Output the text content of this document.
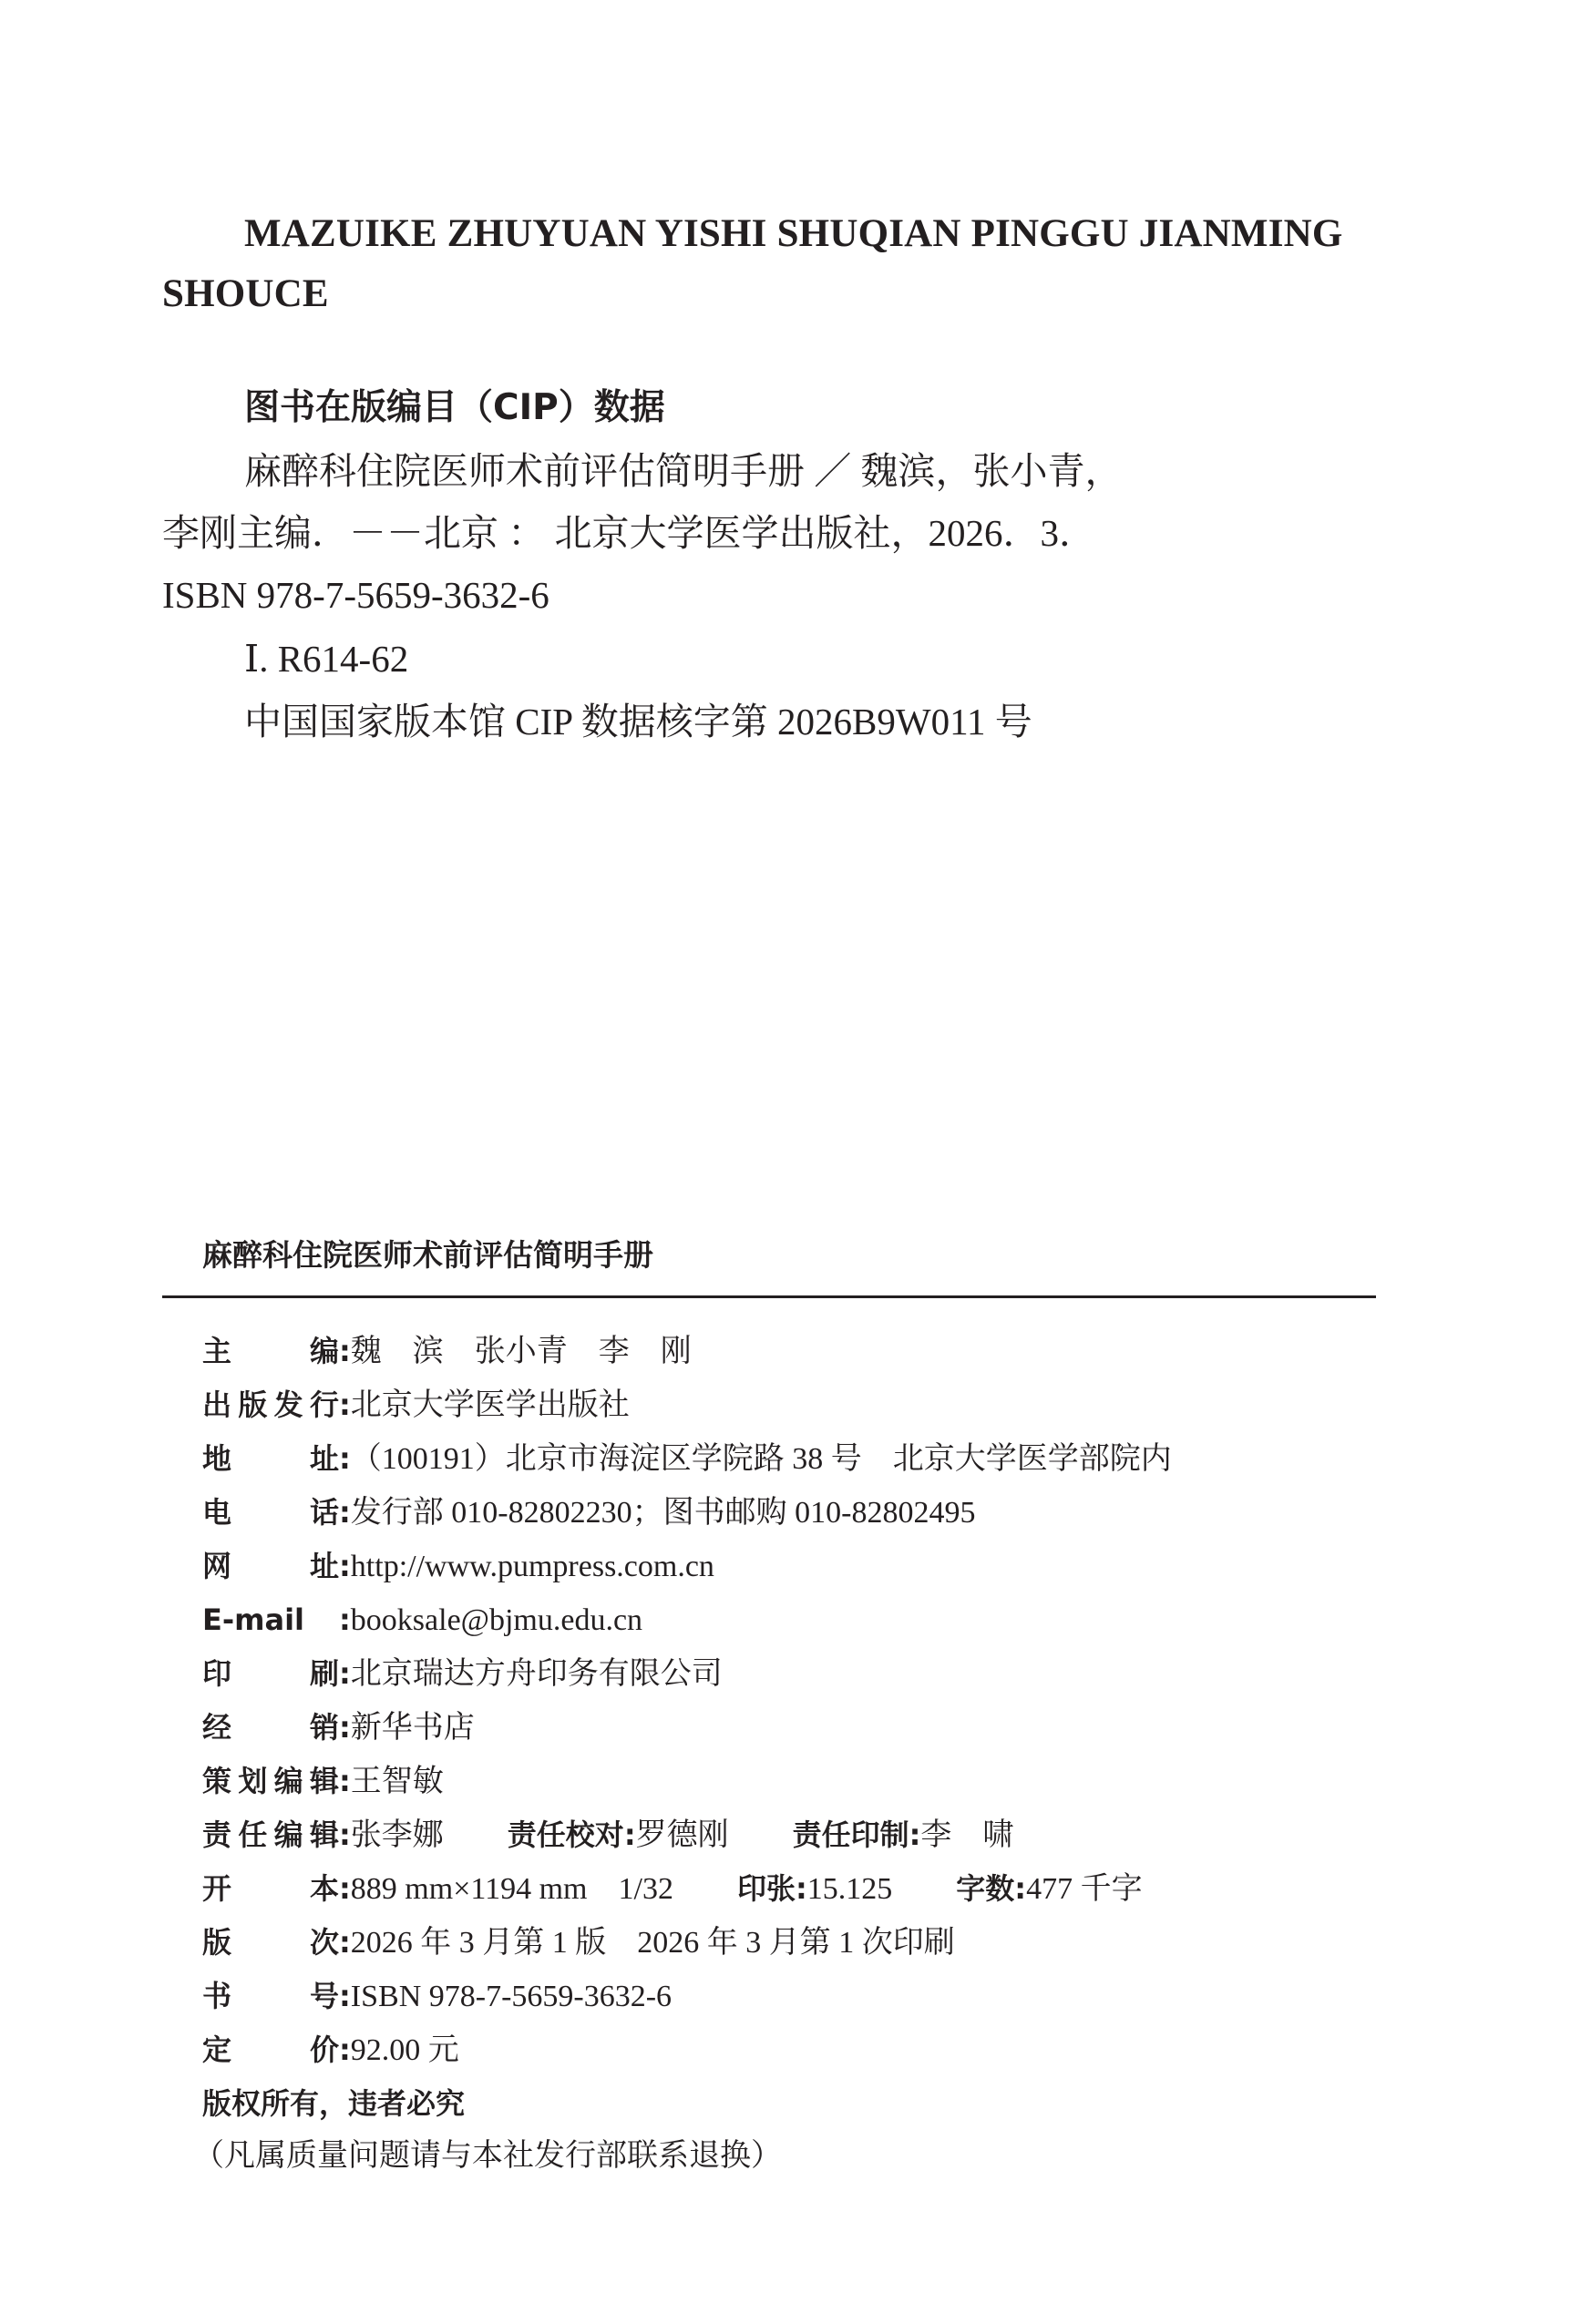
MAZUIKE ZHUYUAN YISHI SHUQIAN PINGGU JIANMING
SHOUCE
图书在版编目（CIP）数据
麻醉科住院医师术前评估简明手册 ／ 魏滨，张小青，
李刚主编．－－北京 ： 北京大学医学出版社，2026．3．
ISBN 978-7-5659-3632-6
Ⅰ. R614-62
中国国家版本馆 CIP 数据核字第 2026B9W011 号
麻醉科住院医师术前评估简明手册
主编:魏　滨　张小青　李　刚
出版发行:北京大学医学出版社
地址:（100191）北京市海淀区学院路 38 号　北京大学医学部院内
电话:发行部 010-82802230；图书邮购 010-82802495
网址:http://www.pumpress.com.cn
E-mail :booksale@bjmu.edu.cn
印刷:北京瑞达方舟印务有限公司
经销:新华书店
策划编辑:王智敏
责任编辑:张李娜 责任校对:罗德刚 责任印制:李　啸
开本:889 mm×1194 mm　1/32 印张:15.125 字数:477 千字
版次:2026 年 3 月第 1 版　2026 年 3 月第 1 次印刷
书号:ISBN 978-7-5659-3632-6
定价:92.00 元
版权所有，违者必究
（凡属质量问题请与本社发行部联系退换）
